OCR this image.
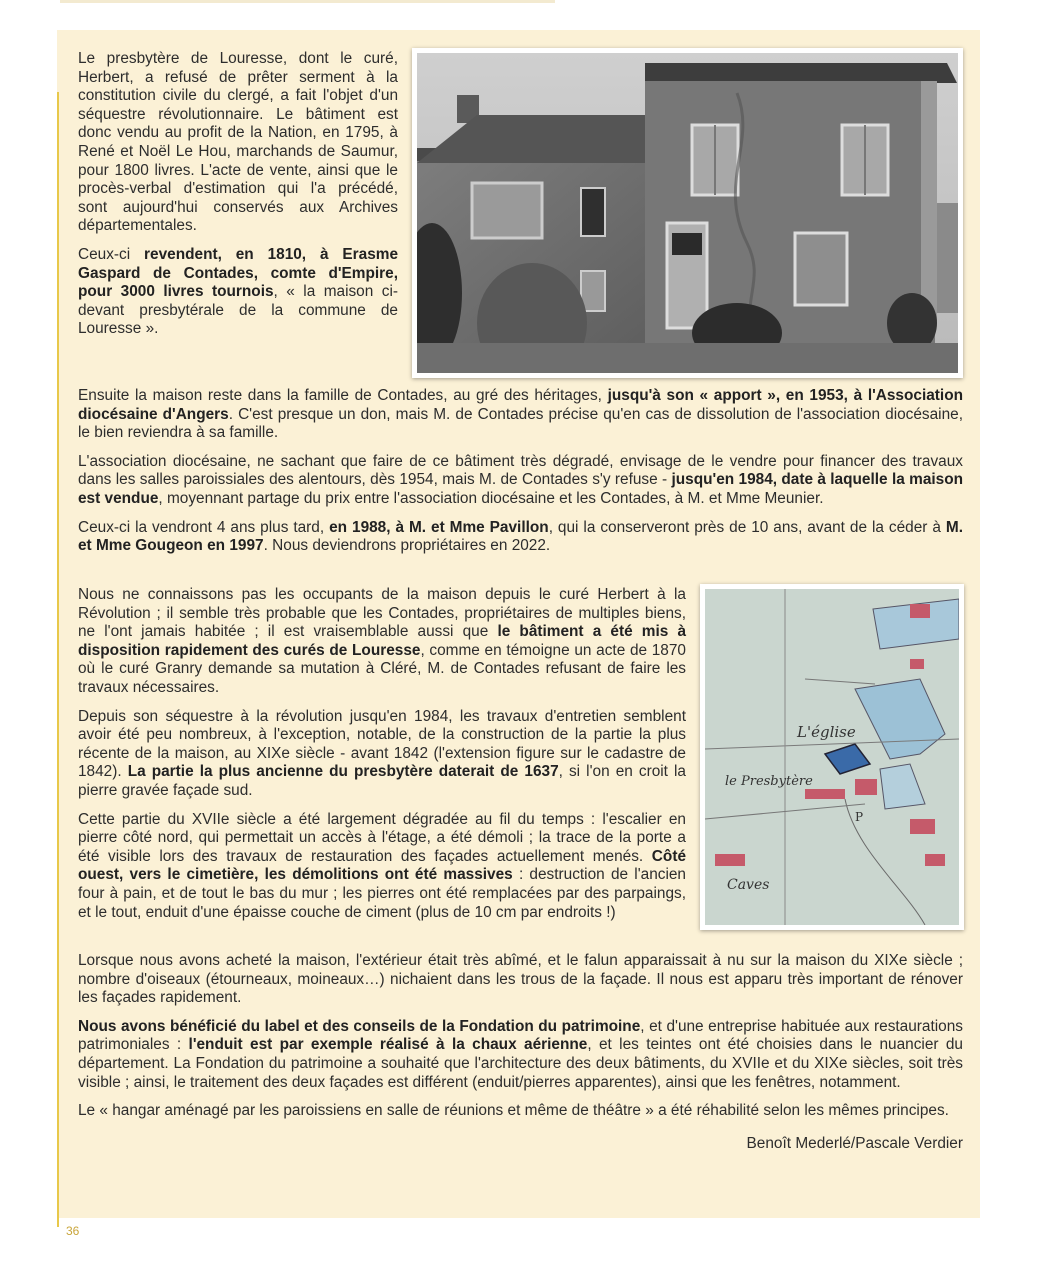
L'église
le Presbytère
Caves
P

Le presbytère de Louresse, dont le curé, Herbert, a refusé de prêter serment à la constitution civile du clergé, a fait l'objet d'un séquestre révolutionnaire. Le bâtiment est donc vendu au profit de la Nation, en 1795, à René et Noël Le Hou, marchands de Saumur, pour 1800 livres. L'acte de vente, ainsi que le procès-verbal d'estimation qui l'a précédé, sont aujourd'hui conservés aux Archives départementales.

Ceux-ci revendent, en 1810, à Erasme Gaspard de Contades, comte d'Empire, pour 3000 livres tournois, « la maison ci-devant presbytérale de la commune de Louresse ».

Ensuite la maison reste dans la famille de Contades, au gré des héritages, jusqu'à son « apport », en 1953, à l'Association diocésaine d'Angers. C'est presque un don, mais M. de Contades précise qu'en cas de dissolution de l'association diocésaine, le bien reviendra à sa famille.

L'association diocésaine, ne sachant que faire de ce bâtiment très dégradé, envisage de le vendre pour financer des travaux dans les salles paroissiales des alentours, dès 1954, mais M. de Contades s'y refuse - jusqu'en 1984, date à laquelle la maison est vendue, moyennant partage du prix entre l'association diocésaine et les Contades, à M. et Mme Meunier.

Ceux-ci la vendront 4 ans plus tard, en 1988, à M. et Mme Pavillon, qui la conserveront près de 10 ans, avant de la céder à M. et Mme Gougeon en 1997. Nous deviendrons propriétaires en 2022.

Nous ne connaissons pas les occupants de la maison depuis le curé Herbert à la Révolution ; il semble très probable que les Contades, propriétaires de multiples biens, ne l'ont jamais habitée ; il est vraisemblable aussi que le bâtiment a été mis à disposition rapidement des curés de Louresse, comme en témoigne un acte de 1870 où le curé Granry demande sa mutation à Cléré, M. de Contades refusant de faire les travaux nécessaires.

Depuis son séquestre à la révolution jusqu'en 1984, les travaux d'entretien semblent avoir été peu nombreux, à l'exception, notable, de la construction de la partie la plus récente de la maison, au XIXe siècle - avant 1842 (l'extension figure sur le cadastre de 1842). La partie la plus ancienne du presbytère daterait de 1637, si l'on en croit la pierre gravée façade sud.

Cette partie du XVIIe siècle a été largement dégradée au fil du temps : l'escalier en pierre côté nord, qui permettait un accès à l'étage, a été démoli ; la trace de la porte a été visible lors des travaux de restauration des façades actuellement menés. Côté ouest, vers le cimetière, les démolitions ont été massives : destruction de l'ancien four à pain, et de tout le bas du mur ; les pierres ont été remplacées par des parpaings, et le tout, enduit d'une épaisse couche de ciment (plus de 10 cm par endroits !)

Lorsque nous avons acheté la maison, l'extérieur était très abîmé, et le falun apparaissait à nu sur la maison du XIXe siècle ; nombre d'oiseaux (étourneaux, moineaux…) nichaient dans les trous de la façade. Il nous est apparu très important de rénover les façades rapidement.

Nous avons bénéficié du label et des conseils de la Fondation du patrimoine, et d'une entreprise habituée aux restaurations patrimoniales : l'enduit est par exemple réalisé à la chaux aérienne, et les teintes ont été choisies dans le nuancier du département. La Fondation du patrimoine a souhaité que l'architecture des deux bâtiments, du XVIIe et du XIXe siècles, soit très visible ; ainsi, le traitement des deux façades est différent (enduit/pierres apparentes), ainsi que les fenêtres, notamment.

Le « hangar aménagé par les paroissiens en salle de réunions et même de théâtre » a été réhabilité selon les mêmes principes.

Benoît Mederlé/Pascale Verdier
36
